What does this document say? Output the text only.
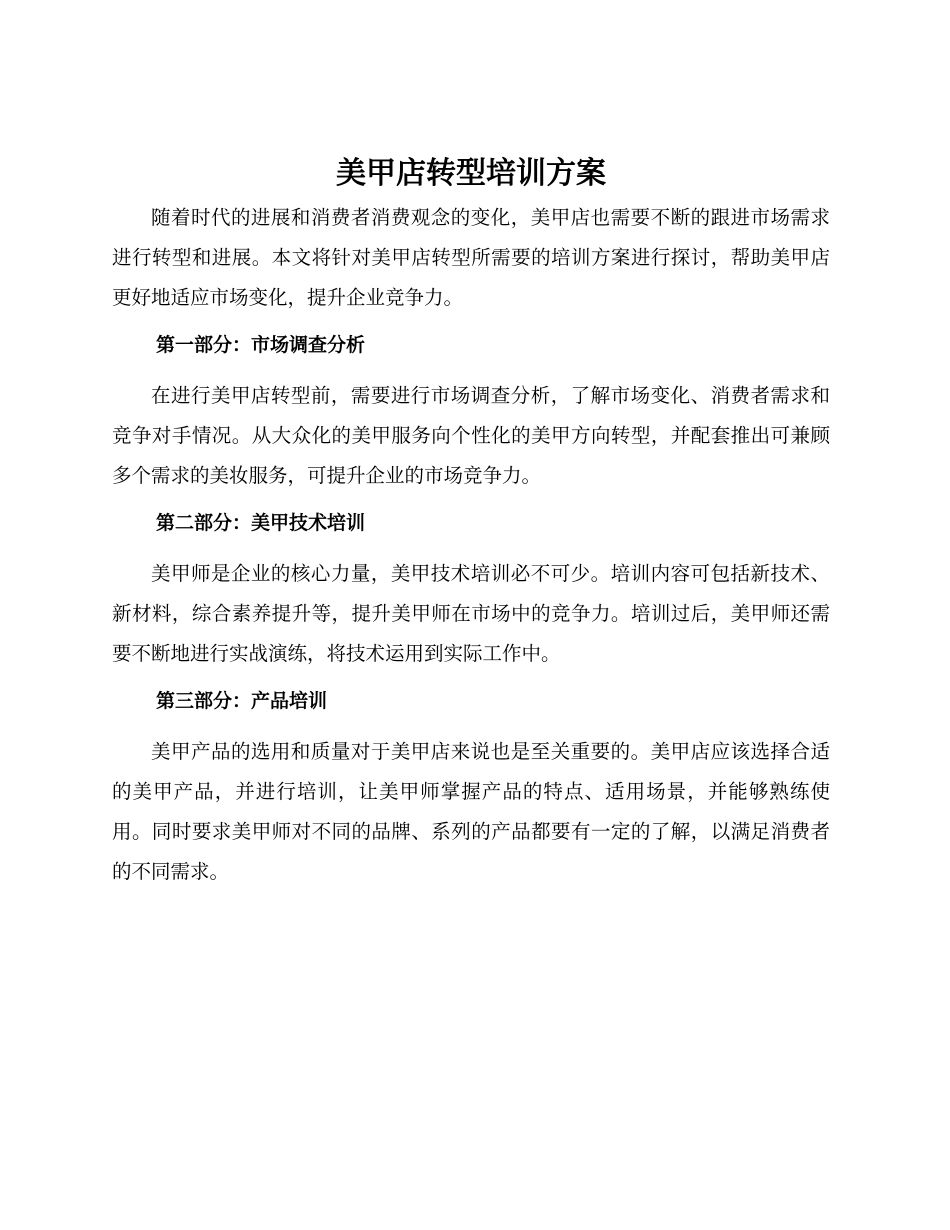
美甲店转型培训方案

随着时代的进展和消费者消费观念的变化，美甲店也需要不断的跟进市场需求进行转型和进展。本文将针对美甲店转型所需要的培训方案进行探讨，帮助美甲店更好地适应市场变化，提升企业竞争力。

第一部分：市场调查分析

在进行美甲店转型前，需要进行市场调查分析，了解市场变化、消费者需求和竞争对手情况。从大众化的美甲服务向个性化的美甲方向转型，并配套推出可兼顾多个需求的美妆服务，可提升企业的市场竞争力。

第二部分：美甲技术培训

美甲师是企业的核心力量，美甲技术培训必不可少。培训内容可包括新技术、新材料，综合素养提升等，提升美甲师在市场中的竞争力。培训过后，美甲师还需要不断地进行实战演练，将技术运用到实际工作中。

第三部分：产品培训

美甲产品的选用和质量对于美甲店来说也是至关重要的。美甲店应该选择合适的美甲产品，并进行培训，让美甲师掌握产品的特点、适用场景，并能够熟练使用。同时要求美甲师对不同的品牌、系列的产品都要有一定的了解，以满足消费者的不同需求。
